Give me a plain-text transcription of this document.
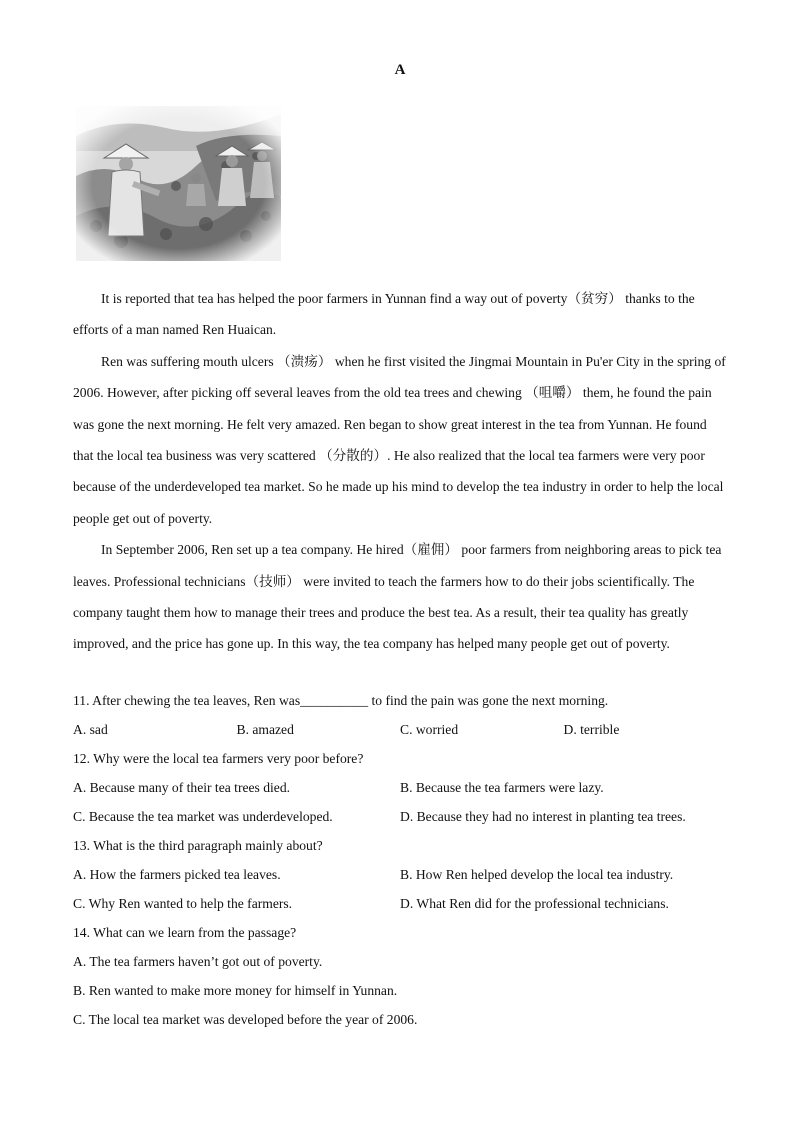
A

It is reported that tea has helped the poor farmers in Yunnan find a way out of poverty（贫穷） thanks to the efforts of a man named Ren Huaican.

Ren was suffering mouth ulcers （溃疡） when he first visited the Jingmai Mountain in Pu'er City in the spring of 2006. However, after picking off several leaves from the old tea trees and chewing （咀嚼） them, he found the pain was gone the next morning. He felt very amazed. Ren began to show great interest in the tea from Yunnan. He found that the local tea business was very scattered （分散的）. He also realized that the local tea farmers were very poor because of the underdeveloped tea market. So he made up his mind to develop the tea industry in order to help the local people get out of poverty.

In September 2006, Ren set up a tea company. He hired（雇佣） poor farmers from neighboring areas to pick tea leaves. Professional technicians（技师） were invited to teach the farmers how to do their jobs scientifically. The company taught them how to manage their trees and produce the best tea. As a result, their tea quality has greatly improved, and the price has gone up. In this way, the tea company has helped many people get out of poverty.

11. After chewing the tea leaves, Ren was__________ to find the pain was gone the next morning.

A. sad	B. amazed	C. worried	D. terrible

12. Why were the local tea farmers very poor before?

A. Because many of their tea trees died.	B. Because the tea farmers were lazy.
C. Because the tea market was underdeveloped.	D. Because they had no interest in planting tea trees.

13. What is the third paragraph mainly about?

A. How the farmers picked tea leaves.	B. How Ren helped develop the local tea industry.
C. Why Ren wanted to help the farmers.	D. What Ren did for the professional technicians.

14. What can we learn from the passage?

A. The tea farmers haven’t got out of poverty.
B. Ren wanted to make more money for himself in Yunnan.
C. The local tea market was developed before the year of 2006.
